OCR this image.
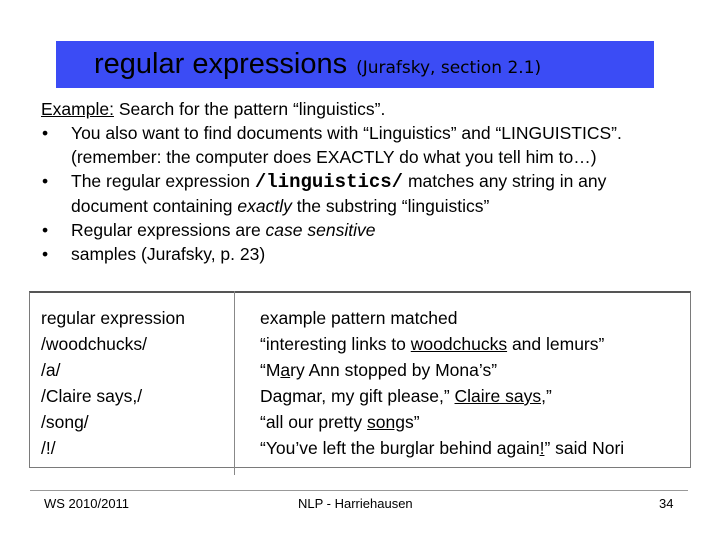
regular expressions (Jurafsky, section 2.1)
Example: Search for the pattern “linguistics”.
• You also want to find documents with “Linguistics” and “LINGUISTICS”.
(remember: the computer does EXACTLY do what you tell him to…)
• The regular expression /linguistics/ matches any string in any
document containing exactly the substring “linguistics”
• Regular expressions are case sensitive
• samples (Jurafsky, p. 23)
regular expression
/woodchucks/
/a/
/Claire says,/
/song/
/!/
example pattern matched
“interesting links to woodchucks and lemurs”
“Mary Ann stopped by Mona’s”
Dagmar, my gift please,” Claire says,”
“all our pretty songs”
“You’ve left the burglar behind again!” said Nori
WS 2010/2011	NLP - Harriehausen	34
